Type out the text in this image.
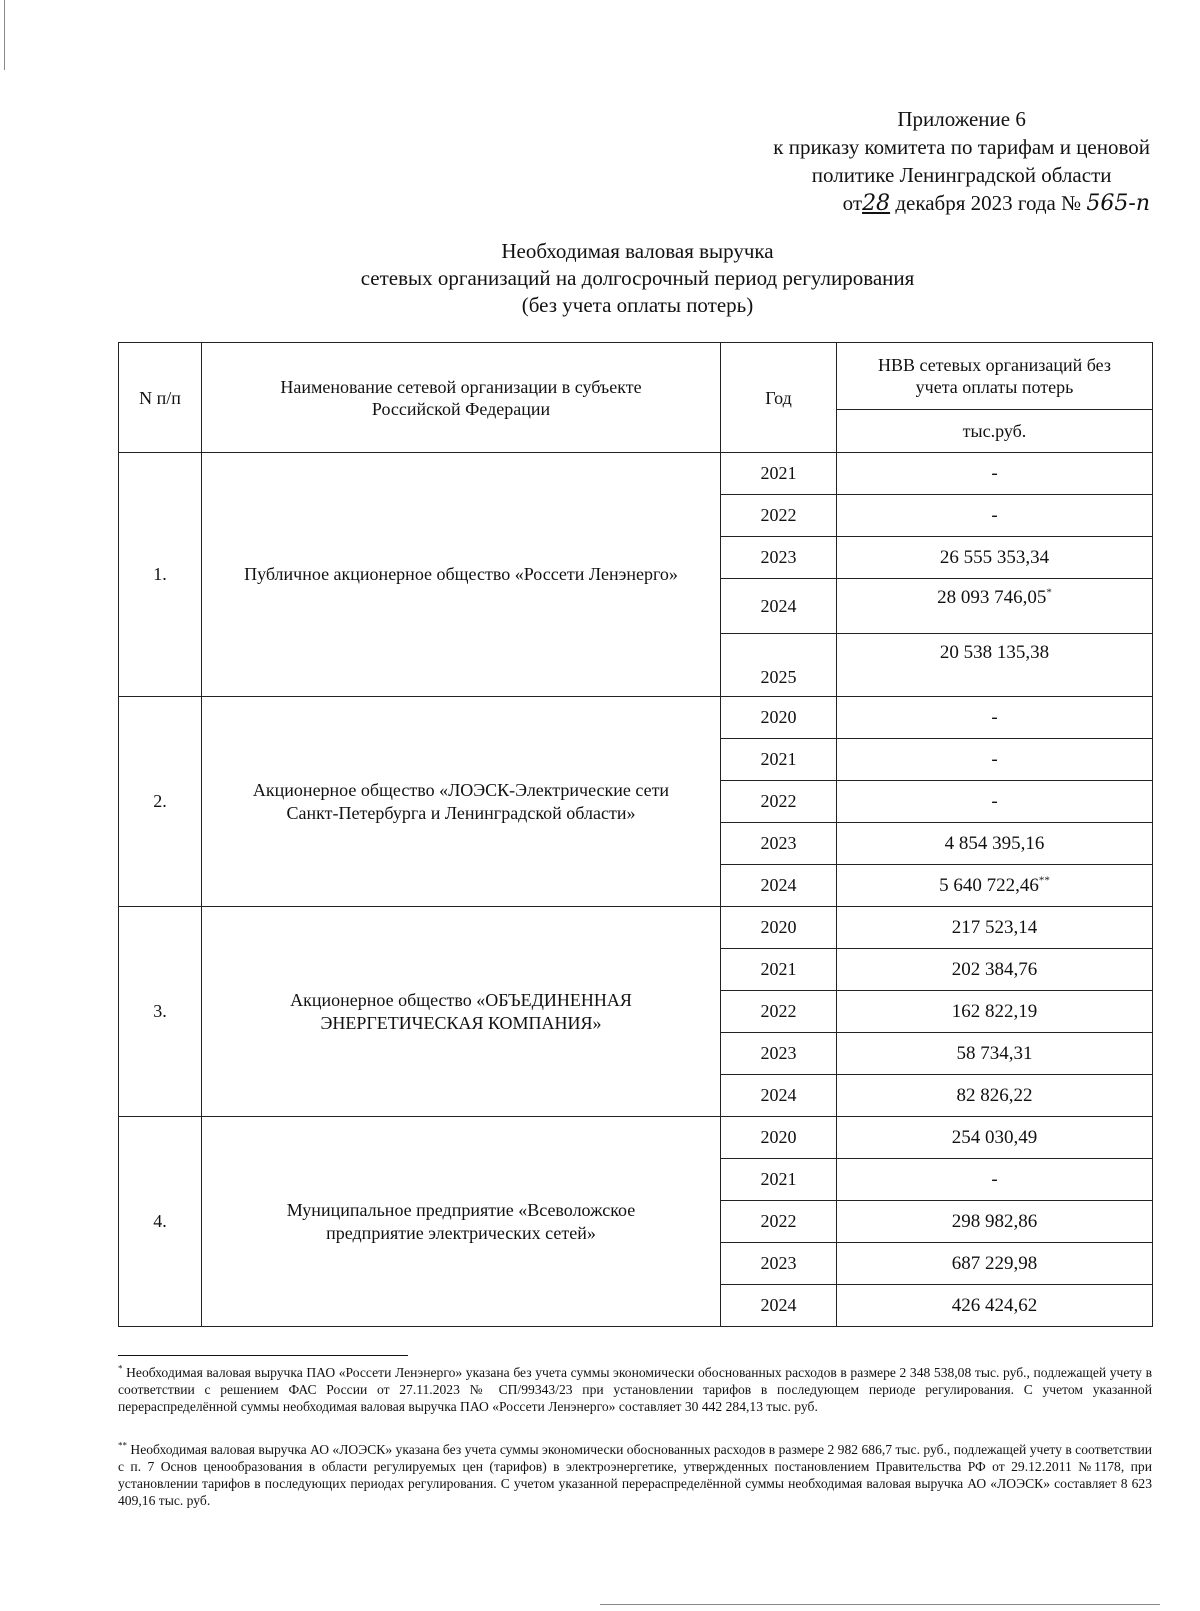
Приложение 6
к приказу комитета по тарифам и ценовой
политике Ленинградской области
от28 декабря 2023 года № 565-п
Необходимая валовая выручка
сетевых организаций на долгосрочный период регулирования
(без учета оплаты потерь)
N п/п	Наименование сетевой организации в субъекте Российской Федерации	Год	НВВ сетевых организаций без учета оплаты потерь
			тыс.руб.
1.	Публичное акционерное общество «Россети Ленэнерго»	2021	-
		2022	-
		2023	26 555 353,34
		2024	28 093 746,05*
		2025	20 538 135,38
2.	Акционерное общество «ЛОЭСК-Электрические сети Санкт-Петербурга и Ленинградской области»	2020	-
		2021	-
		2022	-
		2023	4 854 395,16
		2024	5 640 722,46**
3.	Акционерное общество «ОБЪЕДИНЕННАЯ ЭНЕРГЕТИЧЕСКАЯ КОМПАНИЯ»	2020	217 523,14
		2021	202 384,76
		2022	162 822,19
		2023	58 734,31
		2024	82 826,22
4.	Муниципальное предприятие «Всеволожское предприятие электрических сетей»	2020	254 030,49
		2021	-
		2022	298 982,86
		2023	687 229,98
		2024	426 424,62
* Необходимая валовая выручка ПАО «Россети Ленэнерго» указана без учета суммы экономически обоснованных расходов в размере 2 348 538,08 тыс. руб., подлежащей учету в соответствии с решением ФАС России от 27.11.2023 № СП/99343/23 при установлении тарифов в последующем периоде регулирования. С учетом указанной перераспределённой суммы необходимая валовая выручка ПАО «Россети Ленэнерго» составляет 30 442 284,13 тыс. руб.
** Необходимая валовая выручка АО «ЛОЭСК» указана без учета суммы экономически обоснованных расходов в размере 2 982 686,7 тыс. руб., подлежащей учету в соответствии с п. 7 Основ ценообразования в области регулируемых цен (тарифов) в электроэнергетике, утвержденных постановлением Правительства РФ от 29.12.2011 №1178, при установлении тарифов в последующих периодах регулирования. С учетом указанной перераспределённой суммы необходимая валовая выручка АО «ЛОЭСК» составляет 8 623 409,16 тыс. руб.
